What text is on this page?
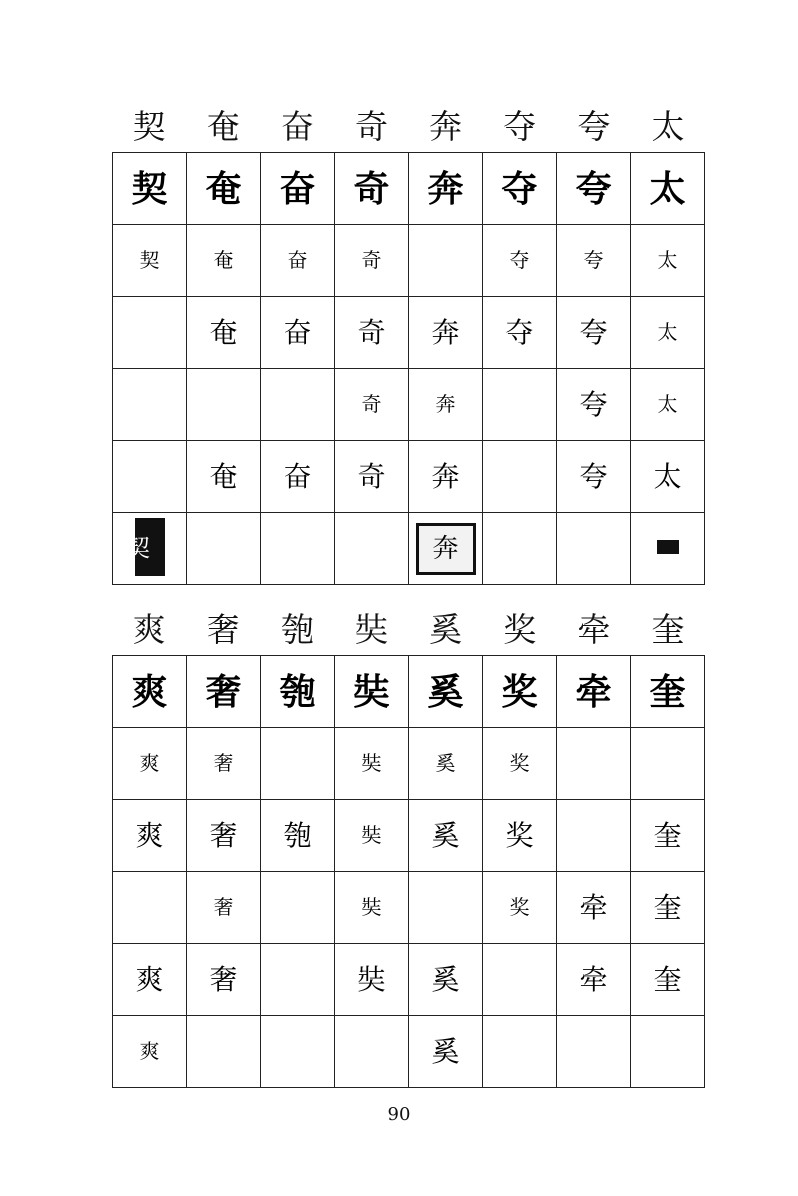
契	奄	奋	奇	奔	夺	夸	太
契	奄	奋	奇	奔	夺	夸	太
契	奄	奋	奇		夺	夸	太
	奄	奋	奇	奔	夺	夸	太
			奇	奔		夸	太
	奄	奋	奇	奔		夸	太
契				奔			
爽	奢	匏	奘	奚	奖	牵	奎
爽	奢	匏	奘	奚	奖	牵	奎
爽	奢		奘	奚	奖		
爽	奢	匏	奘	奚	奖		奎
	奢		奘		奖	牵	奎
爽	奢		奘	奚		牵	奎
爽				奚			
90
